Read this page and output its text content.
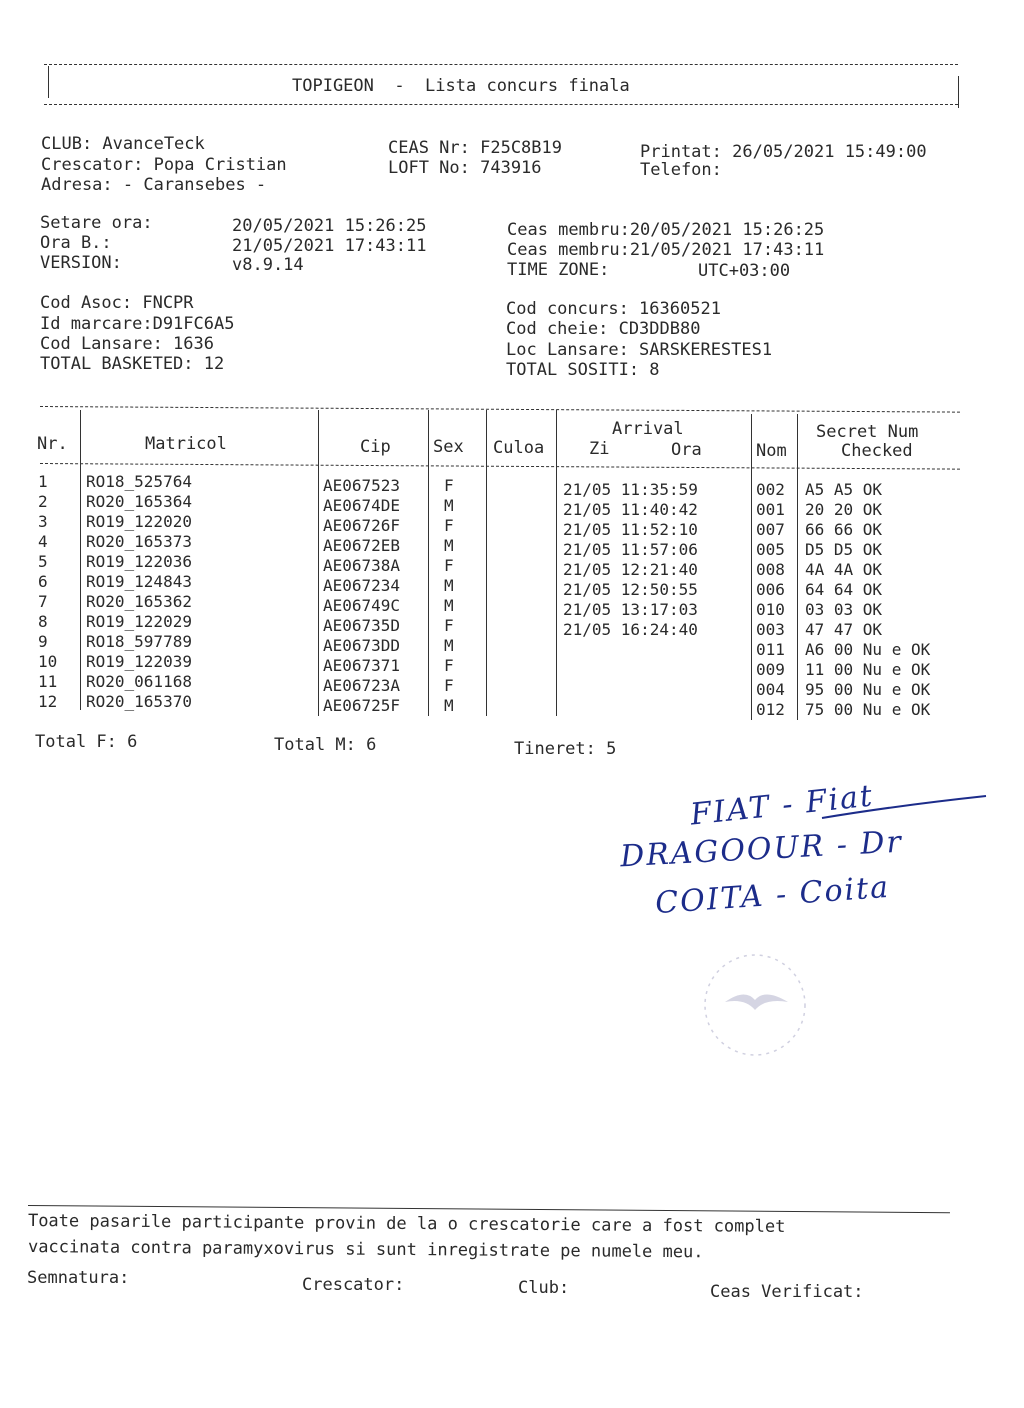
TOPIGEON  -  Lista concurs finala
CLUB: AvanceTeck
Crescator: Popa Cristian
Adresa: - Caransebes -
CEAS Nr: F25C8B19
LOFT No: 743916
Printat: 26/05/2021 15:49:00
Telefon:
Setare ora:	20/05/2021 15:26:25
Ora B.:	21/05/2021 17:43:11
VERSION:	v8.9.14
Ceas membru:20/05/2021 15:26:25
Ceas membru:21/05/2021 17:43:11
TIME ZONE:	UTC+03:00
Cod Asoc: FNCPR
Id marcare:D91FC6A5
Cod Lansare: 1636
TOTAL BASKETED: 12
Cod concurs: 16360521
Cod cheie: CD3DDB80
Loc Lansare: SARSKERESTES1
TOTAL SOSITI: 8
Nr.	Matricol	Cip Sex Culoa
Arrival
Zi	Ora	Nom
Secret Num
Checked
1 RO18_525764	AE067523	F	21/05 11:35:59	002 A5 A5 OK
2 RO20_165364	AE0674DE	M	21/05 11:40:42	001 20 20 OK
3 RO19_122020	AE06726F	F	21/05 11:52:10	007 66 66 OK
4 RO20_165373	AE0672EB	M	21/05 11:57:06	005 D5 D5 OK
5 RO19_122036	AE06738A	F	21/05 12:21:40	008 4A 4A OK
6 RO19_124843	AE067234	M	21/05 12:50:55	006 64 64 OK
7 RO20_165362	AE06749C	M	21/05 13:17:03	010 03 03 OK
8 RO19_122029	AE06735D	F	21/05 16:24:40	003 47 47 OK
9 RO18_597789	AE0673DD	M	011 A6 00 Nu e OK
10 RO19_122039	AE067371	F	009 11 00 Nu e OK
11 RO20_061168	AE06723A	F	004 95 00 Nu e OK
12 RO20_165370	AE06725F	M	012 75 00 Nu e OK
Total F: 6	Total M: 6	Tineret: 5
FIAT - Fiat
DRAGOOUR - Dr
COITA - Coita
Toate pasarile participante provin de la o crescatorie care a fost complet
vaccinata contra paramyxovirus si sunt inregistrate pe numele meu.
Semnatura:	Crescator:	Club:	Ceas Verificat:
